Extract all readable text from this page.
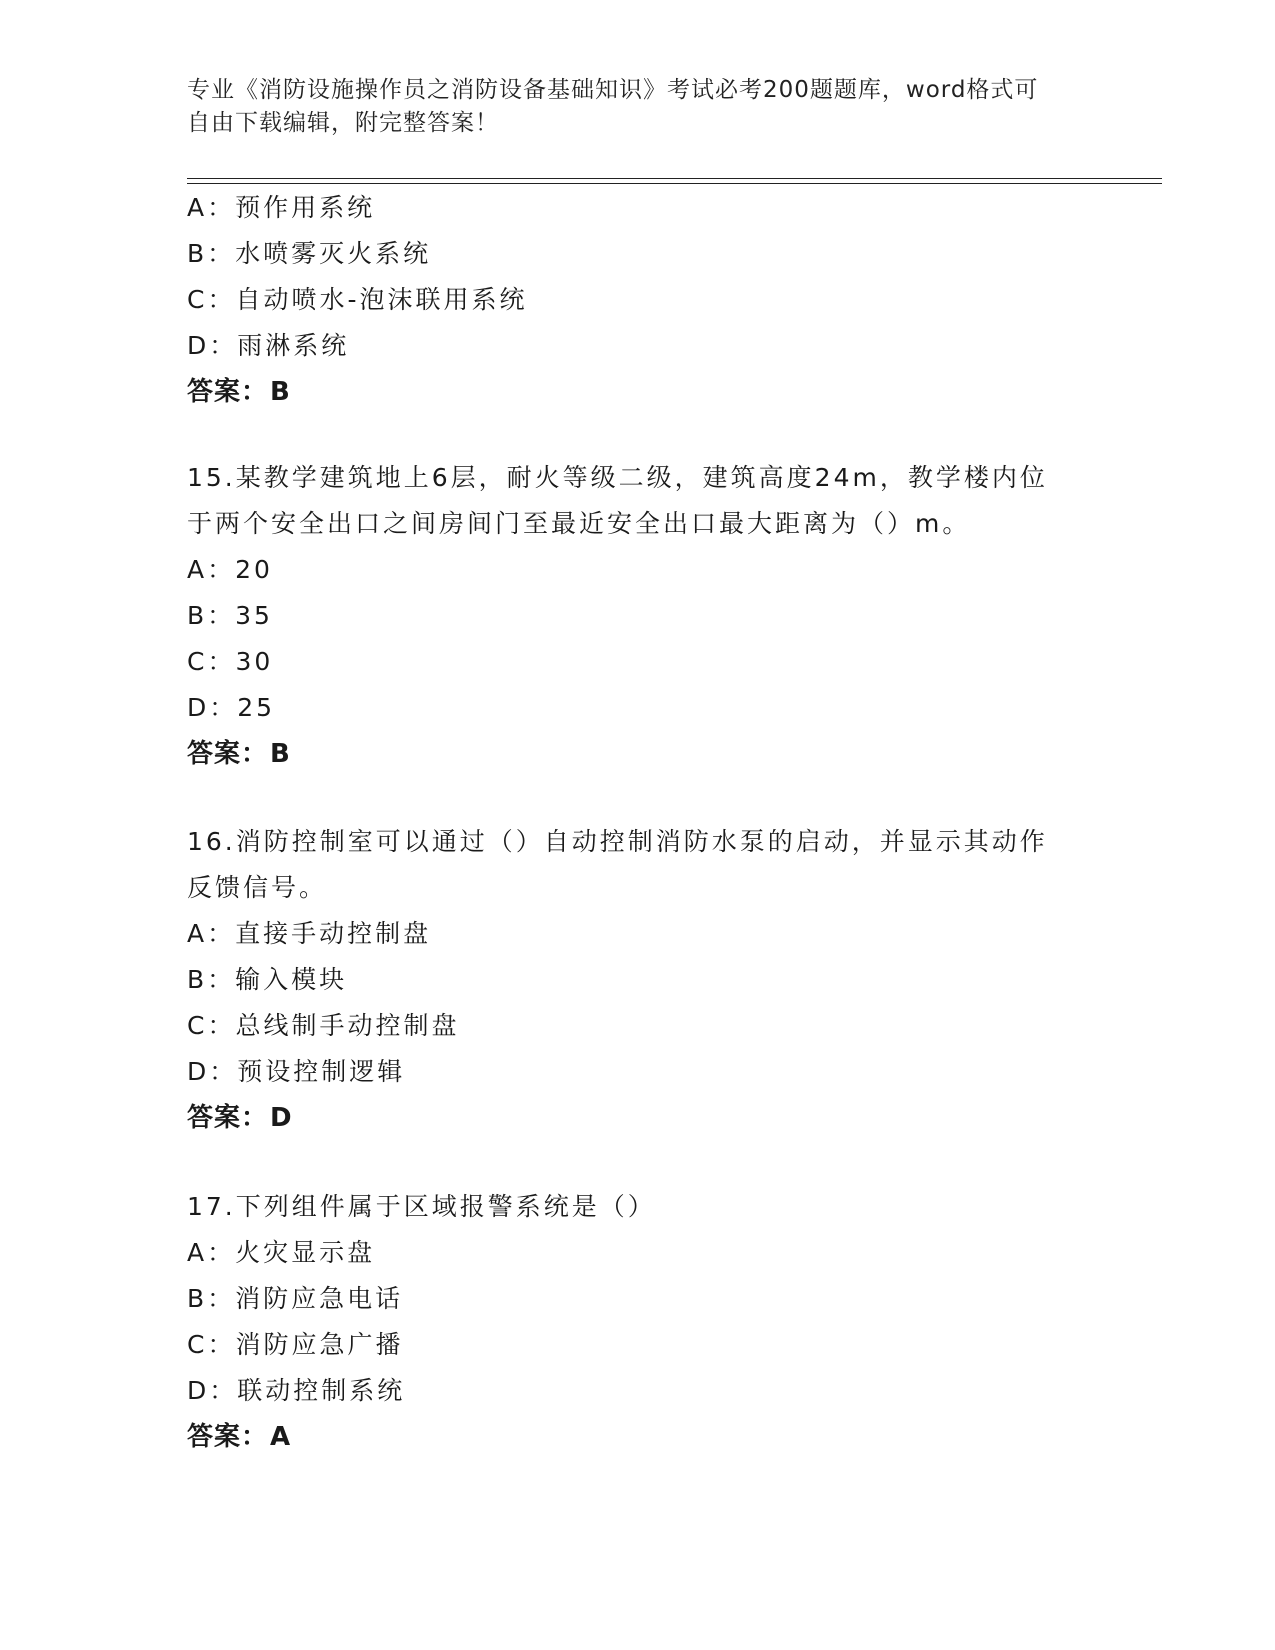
专业《消防设施操作员之消防设备基础知识》考试必考200题题库，word格式可
自由下载编辑，附完整答案！
A：预作用系统
B：水喷雾灭火系统
C：自动喷水-泡沫联用系统
D：雨淋系统
答案：B
15.某教学建筑地上6层，耐火等级二级，建筑高度24m，教学楼内位
于两个安全出口之间房间门至最近安全出口最大距离为（）m。
A：20
B：35
C：30
D：25
答案：B
16.消防控制室可以通过（）自动控制消防水泵的启动，并显示其动作
反馈信号。
A：直接手动控制盘
B：输入模块
C：总线制手动控制盘
D：预设控制逻辑
答案：D
17.下列组件属于区域报警系统是（）
A：火灾显示盘
B：消防应急电话
C：消防应急广播
D：联动控制系统
答案：A
